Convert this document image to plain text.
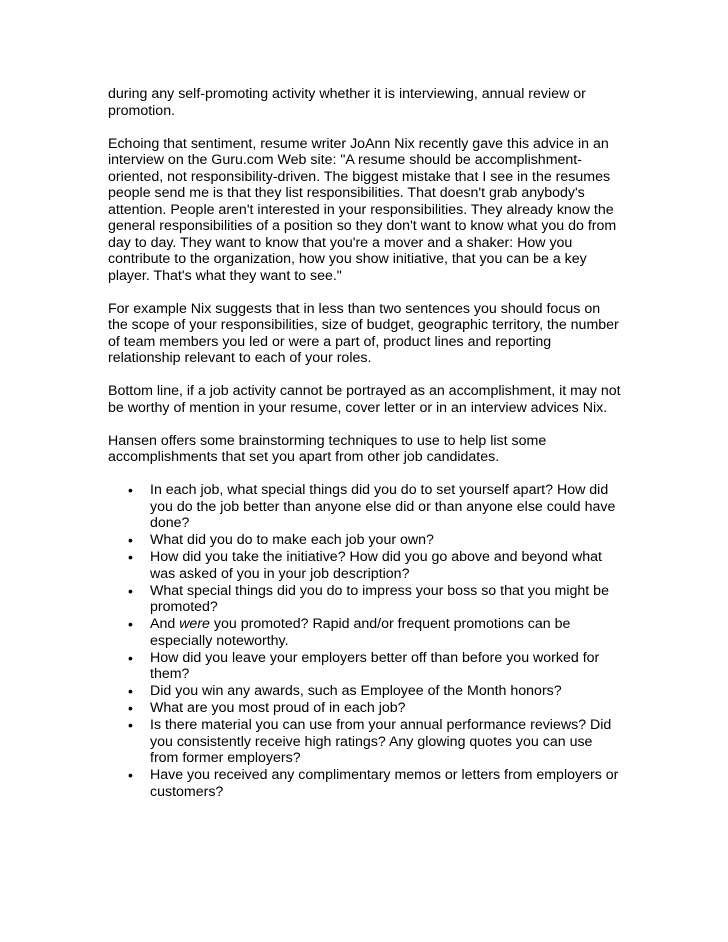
during any self-promoting activity whether it is interviewing, annual review or promotion.

Echoing that sentiment, resume writer JoAnn Nix recently gave this advice in an interview on the Guru.com Web site: "A resume should be accomplishment-oriented, not responsibility-driven. The biggest mistake that I see in the resumes people send me is that they list responsibilities. That doesn't grab anybody's attention. People aren't interested in your responsibilities. They already know the general responsibilities of a position so they don't want to know what you do from day to day. They want to know that you're a mover and a shaker: How you contribute to the organization, how you show initiative, that you can be a key player. That's what they want to see."

For example Nix suggests that in less than two sentences you should focus on the scope of your responsibilities, size of budget, geographic territory, the number of team members you led or were a part of, product lines and reporting relationship relevant to each of your roles.

Bottom line, if a job activity cannot be portrayed as an accomplishment, it may not be worthy of mention in your resume, cover letter or in an interview advices Nix.

Hansen offers some brainstorming techniques to use to help list some accomplishments that set you apart from other job candidates.

• In each job, what special things did you do to set yourself apart? How did you do the job better than anyone else did or than anyone else could have done?
• What did you do to make each job your own?
• How did you take the initiative? How did you go above and beyond what was asked of you in your job description?
• What special things did you do to impress your boss so that you might be promoted?
• And were you promoted? Rapid and/or frequent promotions can be especially noteworthy.
• How did you leave your employers better off than before you worked for them?
• Did you win any awards, such as Employee of the Month honors?
• What are you most proud of in each job?
• Is there material you can use from your annual performance reviews? Did you consistently receive high ratings? Any glowing quotes you can use from former employers?
• Have you received any complimentary memos or letters from employers or customers?
